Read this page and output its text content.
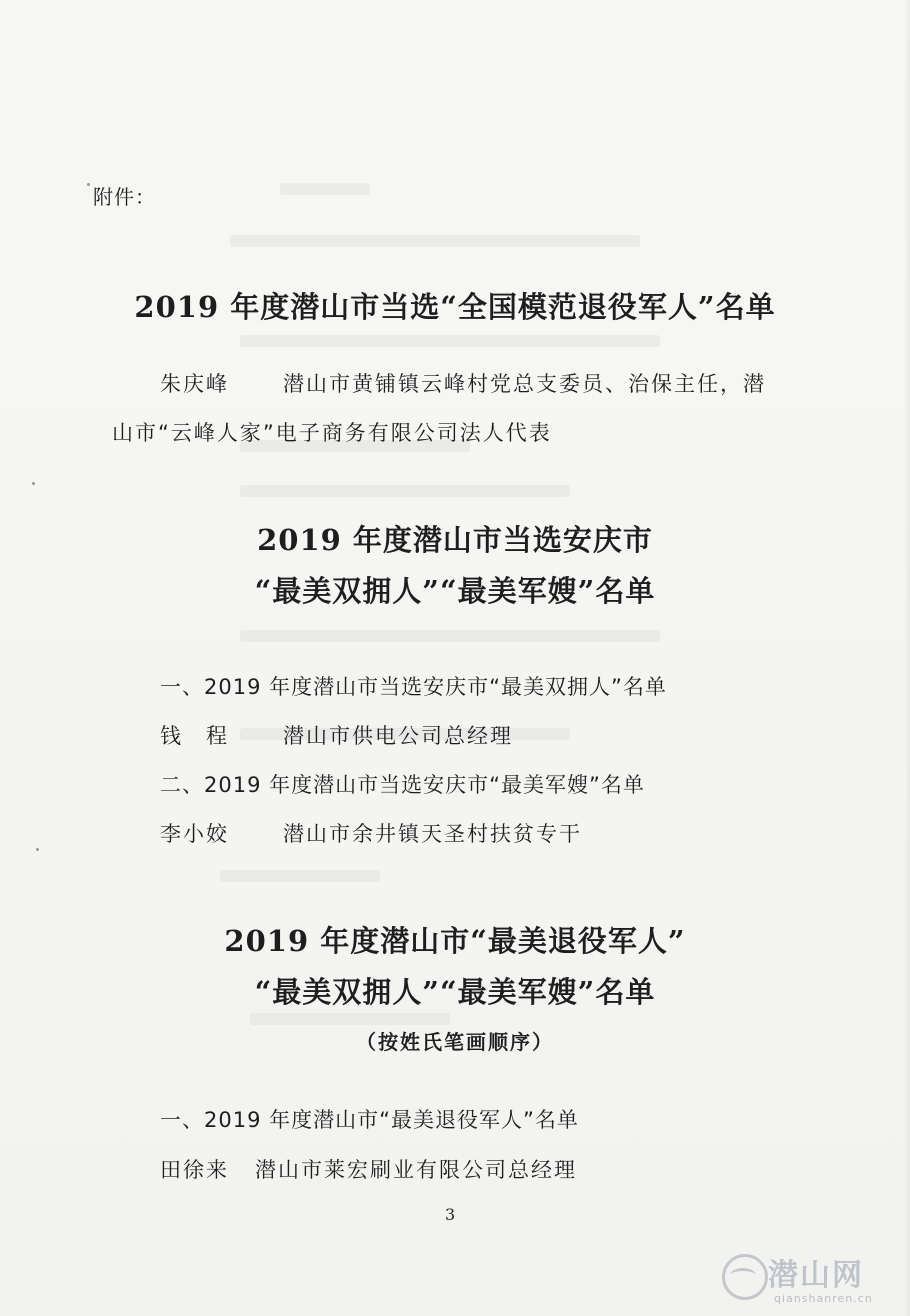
附件：
2019 年度潜山市当选“全国模范退役军人”名单
朱庆峰	潜山市黄铺镇云峰村党总支委员、治保主任，潜
山市“云峰人家”电子商务有限公司法人代表
2019 年度潜山市当选安庆市
“最美双拥人”“最美军嫂”名单
一、2019 年度潜山市当选安庆市“最美双拥人”名单
钱　程	潜山市供电公司总经理
二、2019 年度潜山市当选安庆市“最美军嫂”名单
李小姣	潜山市余井镇天圣村扶贫专干
2019 年度潜山市“最美退役军人”
“最美双拥人”“最美军嫂”名单
（按姓氏笔画顺序）
一、2019 年度潜山市“最美退役军人”名单
田徐来 潜山市莱宏刷业有限公司总经理
3
潜山网
qianshanren.cn
